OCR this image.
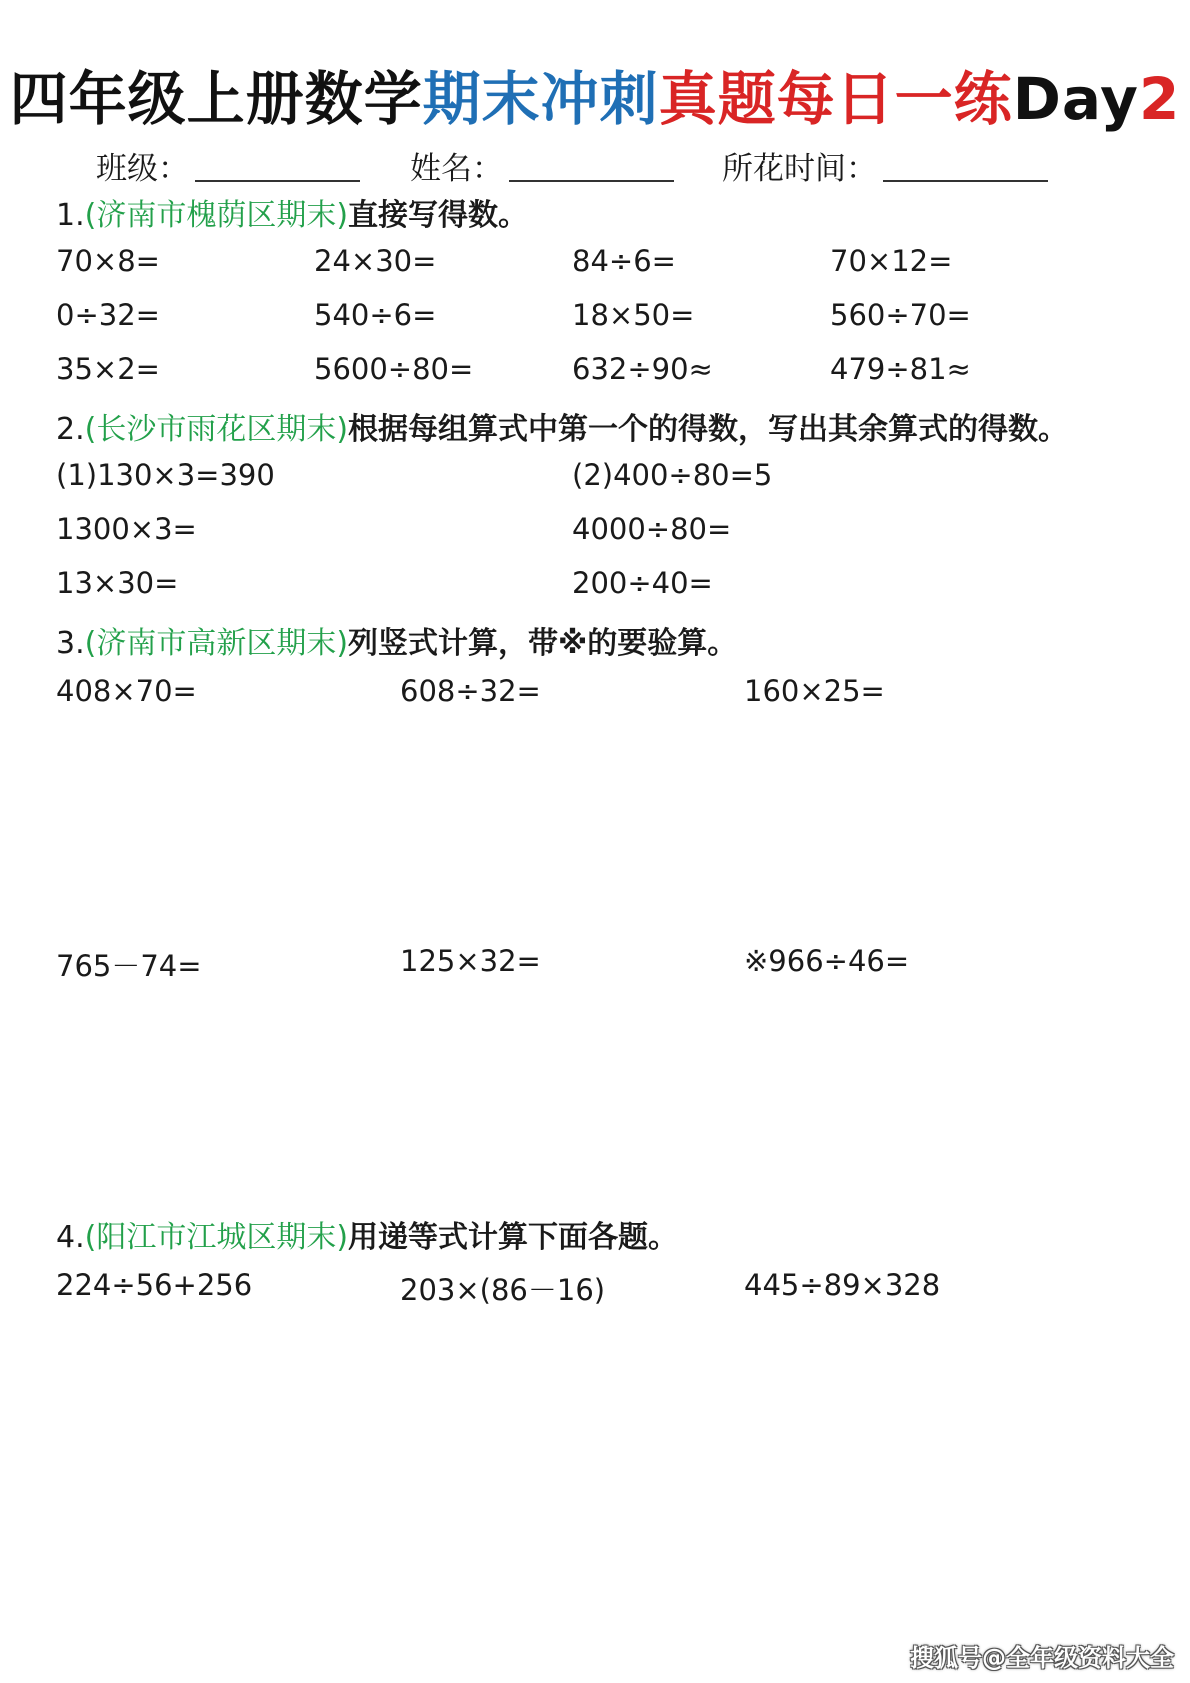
四年级上册数学期末冲刺真题每日一练Day2
班级：	姓名：	所花时间：
1.(济南市槐荫区期末)直接写得数。
70×8=	24×30=	84÷6=	70×12=
0÷32=	540÷6=	18×50=	560÷70=
35×2=	5600÷80=	632÷90≈	479÷81≈
2.(长沙市雨花区期末)根据每组算式中第一个的得数，写出其余算式的得数。
(1)130×3=390
1300×3=
13×30=
(2)400÷80=5
4000÷80=
200÷40=
3.(济南市高新区期末)列竖式计算，带※的要验算。
408×70=	608÷32=	160×25=
765－74=	125×32=	※966÷46=
4.(阳江市江城区期末)用递等式计算下面各题。
224÷56+256	203×(86－16)	445÷89×328
搜狐号@全年级资料大全
